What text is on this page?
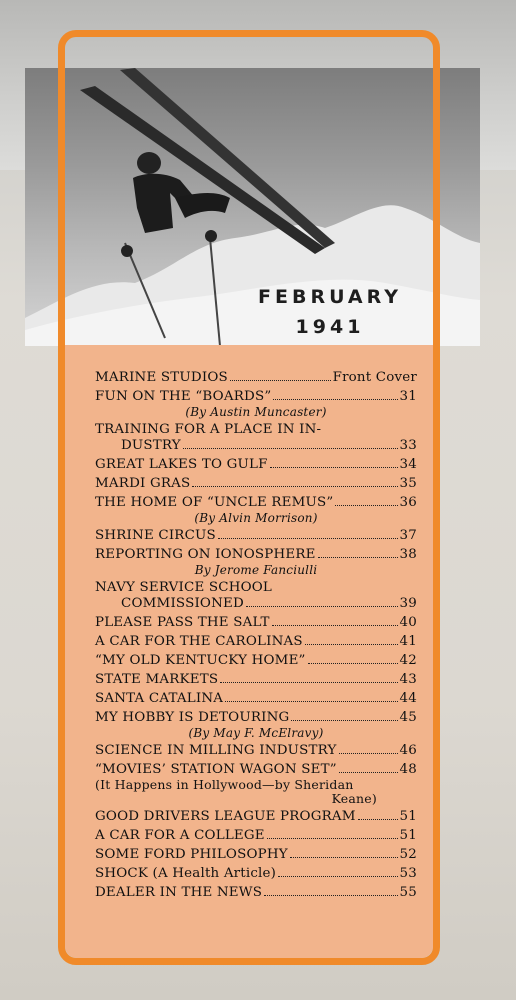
FEBRUARY
1941
MARINE STUDIOS	Front Cover
FUN ON THE “BOARDS”	31
(By Austin Muncaster)
TRAINING FOR A PLACE IN IN-
DUSTRY	33
GREAT LAKES TO GULF	34
MARDI GRAS	35
THE HOME OF “UNCLE REMUS”	36
(By Alvin Morrison)
SHRINE CIRCUS	37
REPORTING ON IONOSPHERE	38
By Jerome Fanciulli
NAVY SERVICE SCHOOL
COMMISSIONED	39
PLEASE PASS THE SALT	40
A CAR FOR THE CAROLINAS	41
“MY OLD KENTUCKY HOME”	42
STATE MARKETS	43
SANTA CATALINA	44
MY HOBBY IS DETOURING	45
(By May F. McElravy)
SCIENCE IN MILLING INDUSTRY	46
“MOVIES’ STATION WAGON SET”	48
(It Happens in Hollywood—by Sheridan
Keane)
GOOD DRIVERS LEAGUE PROGRAM	51
A CAR FOR A COLLEGE	51
SOME FORD PHILOSOPHY	52
SHOCK (A Health Article)	53
DEALER IN THE NEWS	55
